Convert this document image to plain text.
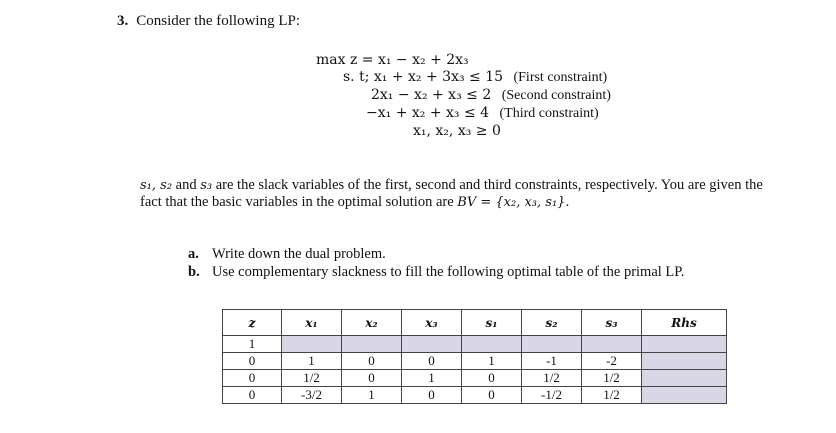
3. Consider the following LP:
max z = x₁ − x₂ + 2x₃
s. t; x₁ + x₂ + 3x₃ ≤ 15 (First constraint)
2x₁ − x₂ + x₃ ≤ 2 (Second constraint)
−x₁ + x₂ + x₃ ≤ 4 (Third constraint)
x₁, x₂, x₃ ≥ 0
s₁, s₂ and s₃ are the slack variables of the first, second and third constraints, respectively. You are given the fact that the basic variables in the optimal solution are BV = {x₂, x₃, s₁}.
a. Write down the dual problem.
b. Use complementary slackness to fill the following optimal table of the primal LP.
z	x₁	x₂	x₃	s₁	s₂	s₃	Rhs
1							
0	1	0	0	1	-1	-2	
0	1/2	0	1	0	1/2	1/2	
0	-3/2	1	0	0	-1/2	1/2	
